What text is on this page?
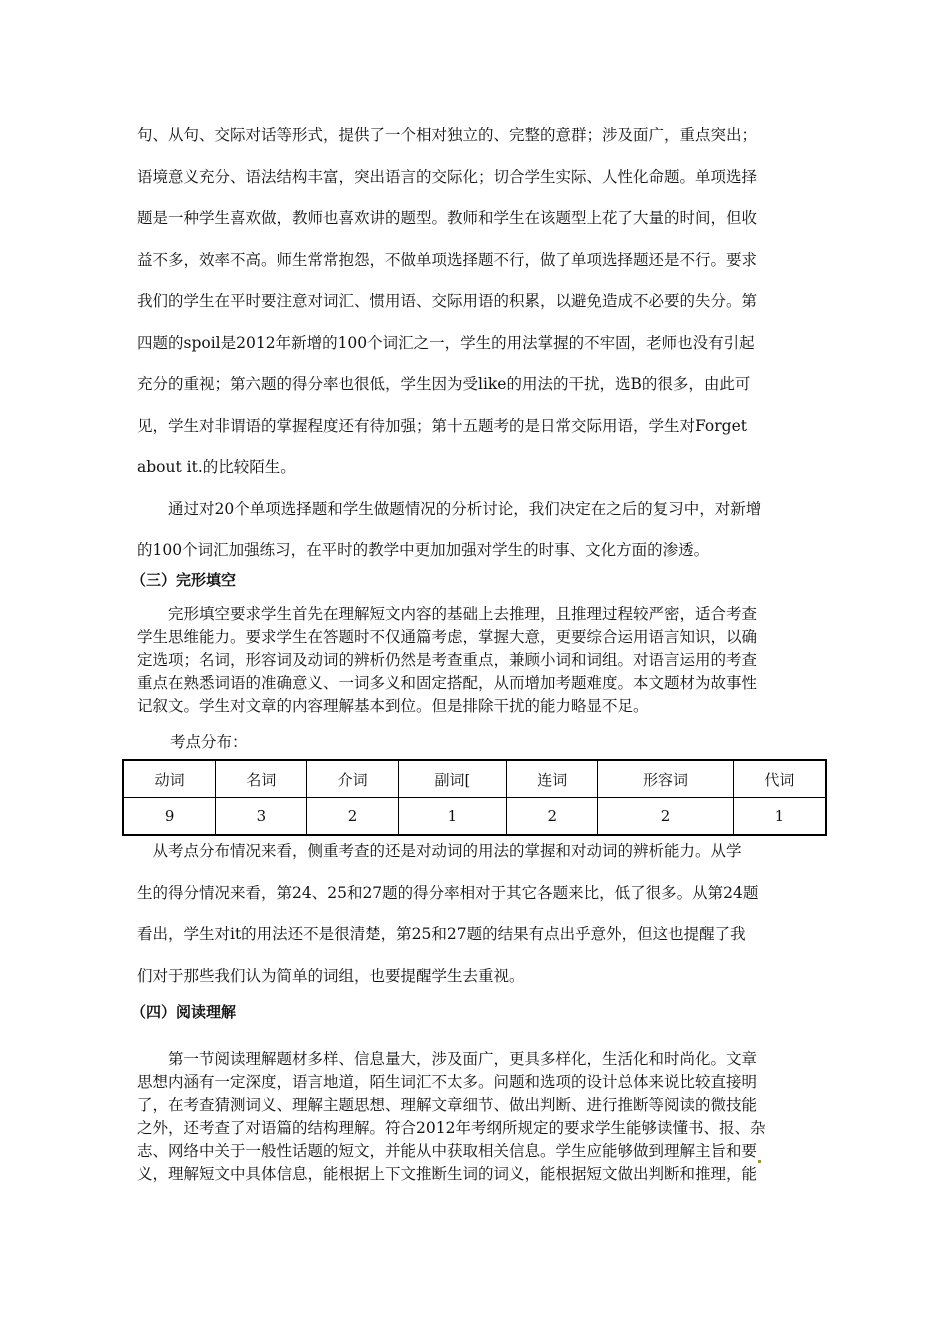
句、从句、交际对话等形式，提供了一个相对独立的、完整的意群；涉及面广，重点突出；

语境意义充分、语法结构丰富，突出语言的交际化；切合学生实际、人性化命题。单项选择

题是一种学生喜欢做，教师也喜欢讲的题型。教师和学生在该题型上花了大量的时间，但收

益不多，效率不高。师生常常抱怨，不做单项选择题不行，做了单项选择题还是不行。要求

我们的学生在平时要注意对词汇、惯用语、交际用语的积累，以避免造成不必要的失分。第

四题的spoil是2012年新增的100个词汇之一，学生的用法掌握的不牢固，老师也没有引起

充分的重视；第六题的得分率也很低，学生因为受like的用法的干扰，选B的很多，由此可

见，学生对非谓语的掌握程度还有待加强；第十五题考的是日常交际用语，学生对Forget

about it.的比较陌生。

　　通过对20个单项选择题和学生做题情况的分析讨论，我们决定在之后的复习中，对新增

的100个词汇加强练习，在平时的教学中更加加强对学生的时事、文化方面的渗透。

（三）完形填空

　　完形填空要求学生首先在理解短文内容的基础上去推理，且推理过程较严密，适合考查

学生思维能力。要求学生在答题时不仅通篇考虑，掌握大意，更要综合运用语言知识，以确

定选项；名词，形容词及动词的辨析仍然是考查重点，兼顾小词和词组。对语言运用的考查

重点在熟悉词语的准确意义、一词多义和固定搭配，从而增加考题难度。本文题材为故事性

记叙文。学生对文章的内容理解基本到位。但是排除干扰的能力略显不足。

考点分布：
动词	名词	介词	副词[	连词	形容词	代词
9	3	2	1	2	2	1

　从考点分布情况来看，侧重考查的还是对动词的用法的掌握和对动词的辨析能力。从学

生的得分情况来看，第24、25和27题的得分率相对于其它各题来比，低了很多。从第24题

看出，学生对it的用法还不是很清楚，第25和27题的结果有点出乎意外，但这也提醒了我

们对于那些我们认为简单的词组，也要提醒学生去重视。

（四）阅读理解

　　第一节阅读理解题材多样、信息量大，涉及面广，更具多样化，生活化和时尚化。文章

思想内涵有一定深度，语言地道，陌生词汇不太多。问题和选项的设计总体来说比较直接明

了，在考查猜测词义、理解主题思想、理解文章细节、做出判断、进行推断等阅读的微技能

之外，还考查了对语篇的结构理解。符合2012年考纲所规定的要求学生能够读懂书、报、杂

志、网络中关于一般性话题的短文，并能从中获取相关信息。学生应能够做到理解主旨和要

义，理解短文中具体信息，能根据上下文推断生词的词义，能根据短文做出判断和推理，能
